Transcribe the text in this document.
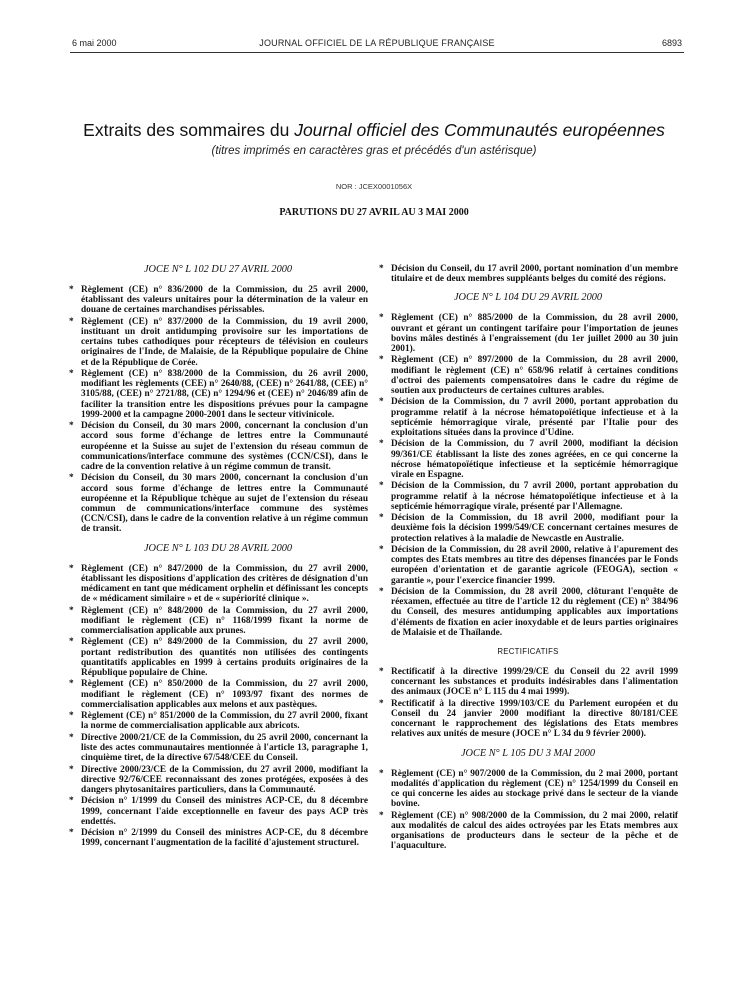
6 mai 2000	JOURNAL OFFICIEL DE LA RÉPUBLIQUE FRANÇAISE	6893
Extraits des sommaires du Journal officiel des Communautés européennes
(titres imprimés en caractères gras et précédés d'un astérisque)
NOR : JCEX0001056X
PARUTIONS DU 27 AVRIL AU 3 MAI 2000
JOCE N° L 102 DU 27 AVRIL 2000
* Règlement (CE) n° 836/2000 de la Commission, du 25 avril 2000, établissant des valeurs unitaires pour la détermination de la valeur en douane de certaines marchandises périssables.
* Règlement (CE) n° 837/2000 de la Commission, du 19 avril 2000, instituant un droit antidumping provisoire sur les importations de certains tubes cathodiques pour récepteurs de télévision en couleurs originaires de l'Inde, de Malaisie, de la République populaire de Chine et de la République de Corée.
* Règlement (CE) n° 838/2000 de la Commission, du 26 avril 2000, modifiant les règlements (CEE) n° 2640/88, (CEE) n° 2641/88, (CEE) n° 3105/88, (CEE) n° 2721/88, (CE) n° 1294/96 et (CEE) n° 2046/89 afin de faciliter la transition entre les dispositions prévues pour la campagne 1999-2000 et la campagne 2000-2001 dans le secteur vitivinicole.
* Décision du Conseil, du 30 mars 2000, concernant la conclusion d'un accord sous forme d'échange de lettres entre la Communauté européenne et la Suisse au sujet de l'extension du réseau commun de communications/interface commune des systèmes (CCN/CSI), dans le cadre de la convention relative à un régime commun de transit.
* Décision du Conseil, du 30 mars 2000, concernant la conclusion d'un accord sous forme d'échange de lettres entre la Communauté européenne et la République tchèque au sujet de l'extension du réseau commun de communications/interface commune des systèmes (CCN/CSI), dans le cadre de la convention relative à un régime commun de transit.
JOCE N° L 103 DU 28 AVRIL 2000
* Règlement (CE) n° 847/2000 de la Commission, du 27 avril 2000, établissant les dispositions d'application des critères de désignation d'un médicament en tant que médicament orphelin et définissant les concepts de « médicament similaire » et de « supériorité clinique ».
* Règlement (CE) n° 848/2000 de la Commission, du 27 avril 2000, modifiant le règlement (CE) n° 1168/1999 fixant la norme de commercialisation applicable aux prunes.
* Règlement (CE) n° 849/2000 de la Commission, du 27 avril 2000, portant redistribution des quantités non utilisées des contingents quantitatifs applicables en 1999 à certains produits originaires de la République populaire de Chine.
* Règlement (CE) n° 850/2000 de la Commission, du 27 avril 2000, modifiant le règlement (CE) n° 1093/97 fixant des normes de commercialisation applicables aux melons et aux pastèques.
* Règlement (CE) n° 851/2000 de la Commission, du 27 avril 2000, fixant la norme de commercialisation applicable aux abricots.
* Directive 2000/21/CE de la Commission, du 25 avril 2000, concernant la liste des actes communautaires mentionnée à l'article 13, paragraphe 1, cinquième tiret, de la directive 67/548/CEE du Conseil.
* Directive 2000/23/CE de la Commission, du 27 avril 2000, modifiant la directive 92/76/CEE reconnaissant des zones protégées, exposées à des dangers phytosanitaires particuliers, dans la Communauté.
* Décision n° 1/1999 du Conseil des ministres ACP-CE, du 8 décembre 1999, concernant l'aide exceptionnelle en faveur des pays ACP très endettés.
* Décision n° 2/1999 du Conseil des ministres ACP-CE, du 8 décembre 1999, concernant l'augmentation de la facilité d'ajustement structurel.
* Décision du Conseil, du 17 avril 2000, portant nomination d'un membre titulaire et de deux membres suppléants belges du comité des régions.
JOCE N° L 104 DU 29 AVRIL 2000
* Règlement (CE) n° 885/2000 de la Commission, du 28 avril 2000, ouvrant et gérant un contingent tarifaire pour l'importation de jeunes bovins mâles destinés à l'engraissement (du 1er juillet 2000 au 30 juin 2001).
* Règlement (CE) n° 897/2000 de la Commission, du 28 avril 2000, modifiant le règlement (CE) n° 658/96 relatif à certaines conditions d'octroi des paiements compensatoires dans le cadre du régime de soutien aux producteurs de certaines cultures arables.
* Décision de la Commission, du 7 avril 2000, portant approbation du programme relatif à la nécrose hématopoïétique infectieuse et à la septicémie hémorragique virale, présenté par l'Italie pour des exploitations situées dans la province d'Udine.
* Décision de la Commission, du 7 avril 2000, modifiant la décision 99/361/CE établissant la liste des zones agréées, en ce qui concerne la nécrose hématopoïétique infectieuse et la septicémie hémorragique virale en Espagne.
* Décision de la Commission, du 7 avril 2000, portant approbation du programme relatif à la nécrose hématopoïétique infectieuse et à la septicémie hémorragique virale, présenté par l'Allemagne.
* Décision de la Commission, du 18 avril 2000, modifiant pour la deuxième fois la décision 1999/549/CE concernant certaines mesures de protection relatives à la maladie de Newcastle en Australie.
* Décision de la Commission, du 28 avril 2000, relative à l'apurement des comptes des Etats membres au titre des dépenses financées par le Fonds européen d'orientation et de garantie agricole (FEOGA), section « garantie », pour l'exercice financier 1999.
* Décision de la Commission, du 28 avril 2000, clôturant l'enquête de réexamen, effectuée au titre de l'article 12 du règlement (CE) n° 384/96 du Conseil, des mesures antidumping applicables aux importations d'éléments de fixation en acier inoxydable et de leurs parties originaires de Malaisie et de Thaïlande.
RECTIFICATIFS
* Rectificatif à la directive 1999/29/CE du Conseil du 22 avril 1999 concernant les substances et produits indésirables dans l'alimentation des animaux (JOCE n° L 115 du 4 mai 1999).
* Rectificatif à la directive 1999/103/CE du Parlement européen et du Conseil du 24 janvier 2000 modifiant la directive 80/181/CEE concernant le rapprochement des législations des Etats membres relatives aux unités de mesure (JOCE n° L 34 du 9 février 2000).
JOCE N° L 105 DU 3 MAI 2000
* Règlement (CE) n° 907/2000 de la Commission, du 2 mai 2000, portant modalités d'application du règlement (CE) n° 1254/1999 du Conseil en ce qui concerne les aides au stockage privé dans le secteur de la viande bovine.
* Règlement (CE) n° 908/2000 de la Commission, du 2 mai 2000, relatif aux modalités de calcul des aides octroyées par les Etats membres aux organisations de producteurs dans le secteur de la pêche et de l'aquaculture.
